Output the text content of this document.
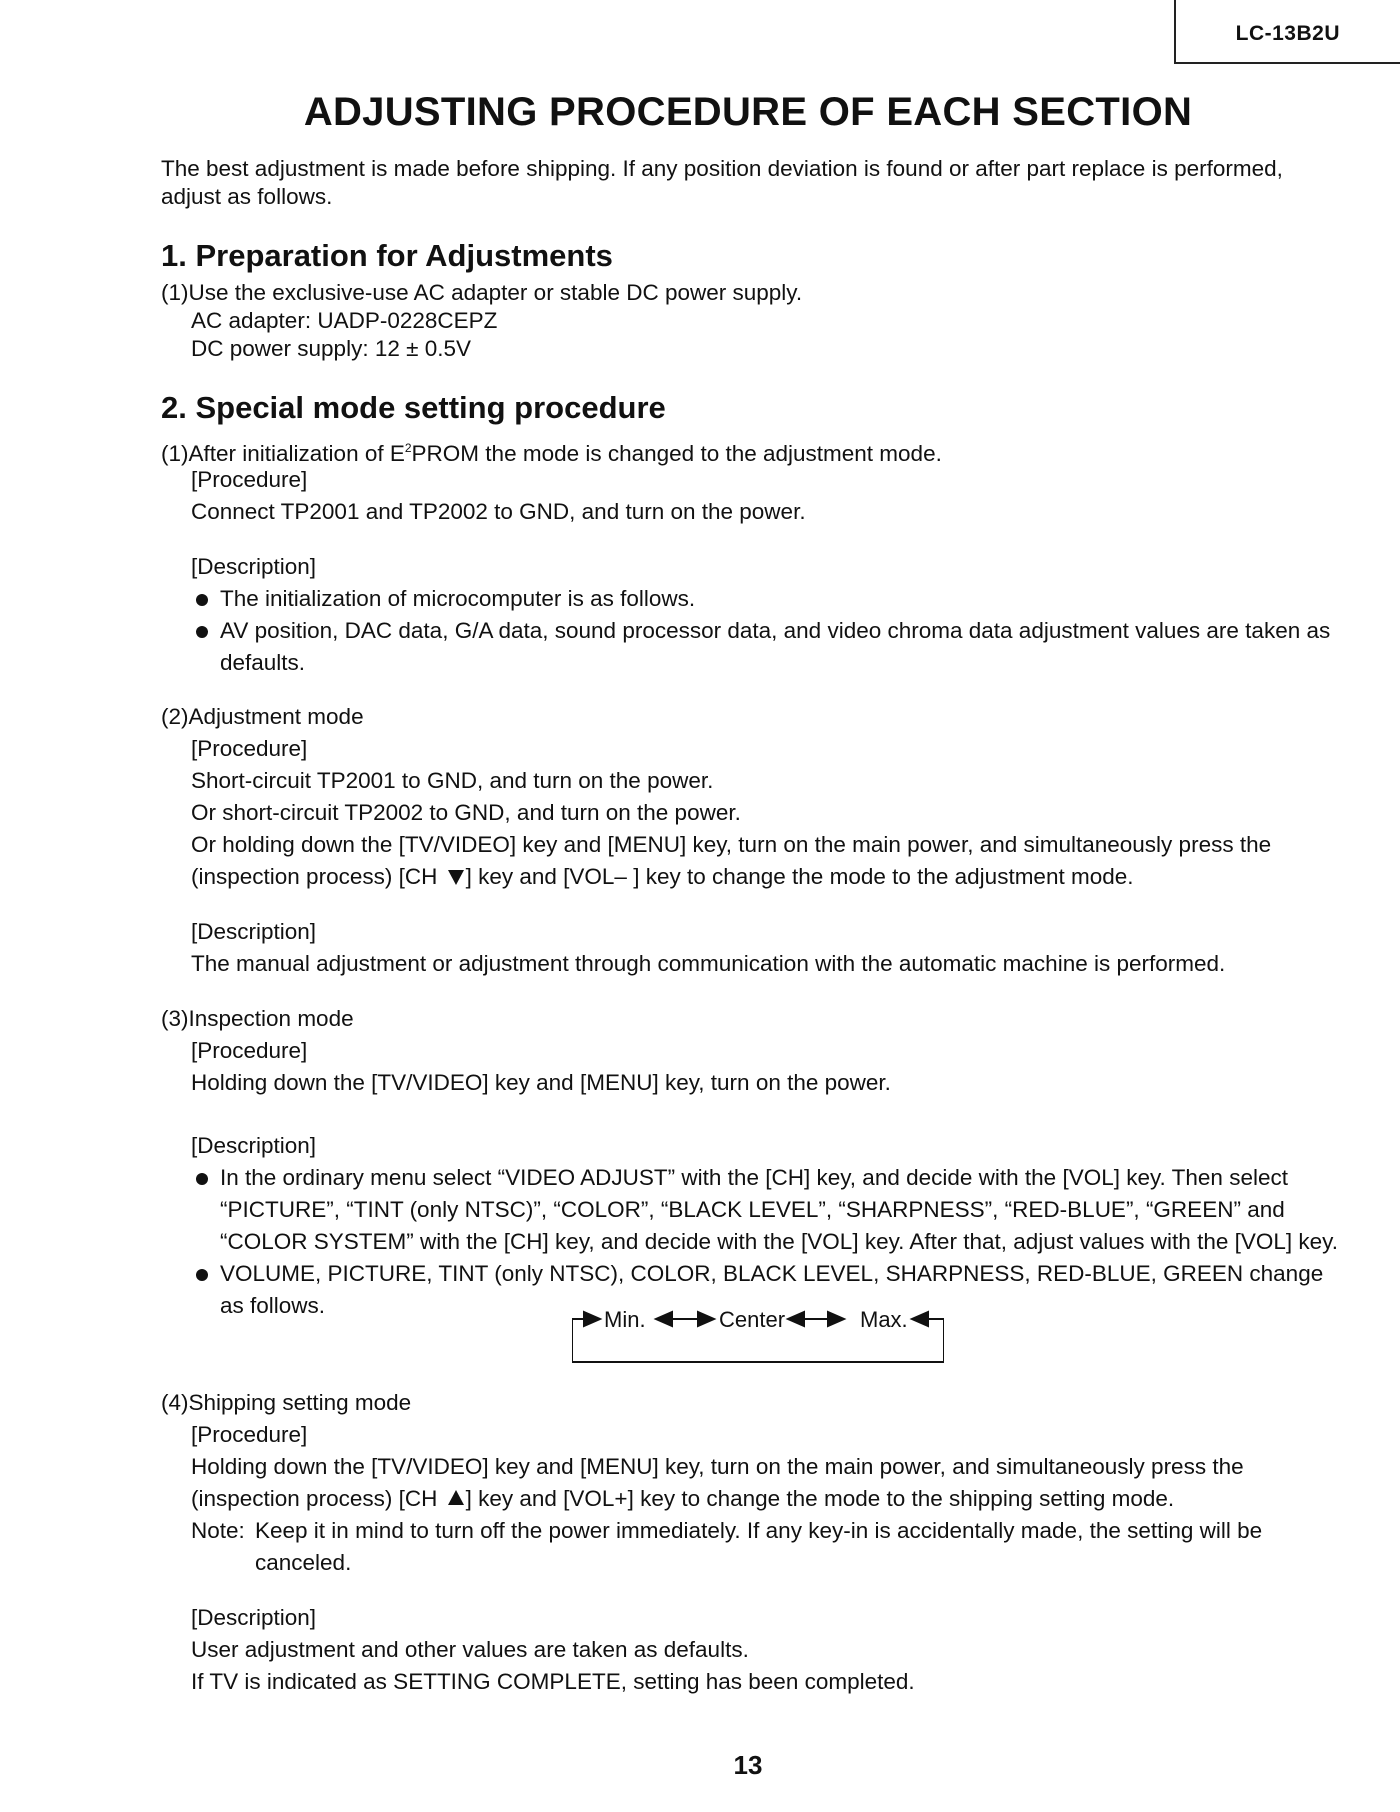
LC-13B2U
ADJUSTING PROCEDURE OF EACH SECTION
The best adjustment is made before shipping. If any position deviation is found or after part replace is performed, adjust as follows.
1. Preparation for Adjustments
(1)Use the exclusive-use AC adapter or stable DC power supply.
AC adapter: UADP-0228CEPZ
DC power supply: 12 ± 0.5V
2. Special mode setting procedure
(1)After initialization of $E^2PROM$ the mode is changed to the adjustment mode.
[Procedure]
Connect TP2001 and TP2002 to GND, and turn on the power.
[Description]
The initialization of microcomputer is as follows.
AV position, DAC data, G/A data, sound processor data, and video chroma data adjustment values are taken as defaults.
(2)Adjustment mode
[Procedure]
Short-circuit TP2001 to GND, and turn on the power.
Or short-circuit TP2002 to GND, and turn on the power.
Or holding down the [TV/VIDEO] key and [MENU] key, turn on the main power, and simultaneously press the (inspection process) [CH ] key and [VOL– ] key to change the mode to the adjustment mode.
[Description]
The manual adjustment or adjustment through communication with the automatic machine is performed.
(3)Inspection mode
[Procedure]
Holding down the [TV/VIDEO] key and [MENU] key, turn on the power.
[Description]
In the ordinary menu select “VIDEO ADJUST” with the [CH] key, and decide with the [VOL] key. Then select “PICTURE”, “TINT (only NTSC)”, “COLOR”, “BLACK LEVEL”, “SHARPNESS”, “RED-BLUE”, “GREEN” and “COLOR SYSTEM” with the [CH] key, and decide with the [VOL] key. After that, adjust values with the [VOL] key.
VOLUME, PICTURE, TINT (only NTSC), COLOR, BLACK LEVEL, SHARPNESS, RED-BLUE, GREEN change as follows.
Min.	Center	Max.
(4)Shipping setting mode
[Procedure]
Holding down the [TV/VIDEO] key and [MENU] key, turn on the main power, and simultaneously press the (inspection process) [CH ] key and [VOL+] key to change the mode to the shipping setting mode.
Note: Keep it in mind to turn off the power immediately. If any key-in is accidentally made, the setting will be canceled.
[Description]
User adjustment and other values are taken as defaults.
If TV is indicated as SETTING COMPLETE, setting has been completed.
13
